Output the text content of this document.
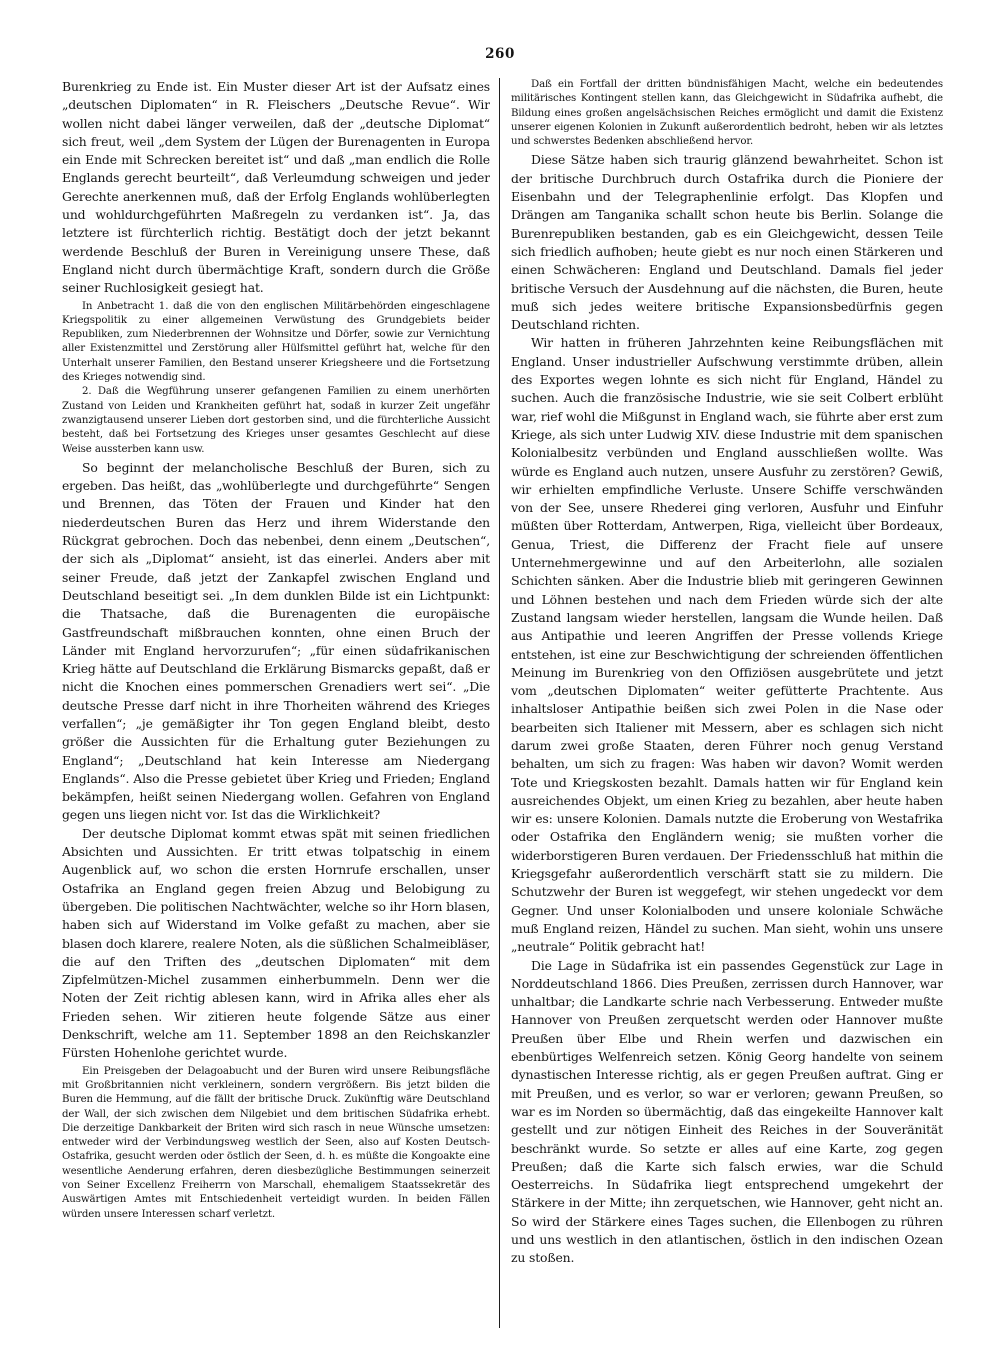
260

Burenkrieg zu Ende ist. Ein Muster dieser Art ist der Aufsatz eines „deutschen Diplomaten“ in R. Fleischers „Deutsche Revue“. Wir wollen nicht dabei länger verweilen, daß der „deutsche Diplomat“ sich freut, weil „dem System der Lügen der Burenagenten in Europa ein Ende mit Schrecken bereitet ist“ und daß „man endlich die Rolle Englands gerecht beurteilt“, daß Verleumdung schweigen und jeder Gerechte anerkennen muß, daß der Erfolg Englands wohlüberlegten und wohldurchgeführten Maßregeln zu verdanken ist“. Ja, das letztere ist fürchterlich richtig. Bestätigt doch der jetzt bekannt werdende Beschluß der Buren in Vereinigung unsere These, daß England nicht durch übermächtige Kraft, sondern durch die Größe seiner Ruchlosigkeit gesiegt hat.

In Anbetracht 1. daß die von den englischen Militärbehörden eingeschlagene Kriegspolitik zu einer allgemeinen Verwüstung des Grundgebiets beider Republiken, zum Niederbrennen der Wohnsitze und Dörfer, sowie zur Vernichtung aller Existenzmittel und Zerstörung aller Hülfsmittel geführt hat, welche für den Unterhalt unserer Familien, den Bestand unserer Kriegsheere und die Fortsetzung des Krieges notwendig sind.

2. Daß die Wegführung unserer gefangenen Familien zu einem unerhörten Zustand von Leiden und Krankheiten geführt hat, sodaß in kurzer Zeit ungefähr zwanzigtausend unserer Lieben dort gestorben sind, und die fürchterliche Aussicht besteht, daß bei Fortsetzung des Krieges unser gesamtes Geschlecht auf diese Weise aussterben kann usw.

So beginnt der melancholische Beschluß der Buren, sich zu ergeben. Das heißt, das „wohlüberlegte und durchgeführte“ Sengen und Brennen, das Töten der Frauen und Kinder hat den niederdeutschen Buren das Herz und ihrem Widerstande den Rückgrat gebrochen. Doch das nebenbei, denn einem „Deutschen“, der sich als „Diplomat“ ansieht, ist das einerlei. Anders aber mit seiner Freude, daß jetzt der Zankapfel zwischen England und Deutschland beseitigt sei. „In dem dunklen Bilde ist ein Lichtpunkt: die Thatsache, daß die Burenagenten die europäische Gastfreundschaft mißbrauchen konnten, ohne einen Bruch der Länder mit England hervorzurufen“; „für einen südafrikanischen Krieg hätte auf Deutschland die Erklärung Bismarcks gepaßt, daß er nicht die Knochen eines pommerschen Grenadiers wert sei“. „Die deutsche Presse darf nicht in ihre Thorheiten während des Krieges verfallen“; „je gemäßigter ihr Ton gegen England bleibt, desto größer die Aussichten für die Erhaltung guter Beziehungen zu England“; „Deutschland hat kein Interesse am Niedergang Englands“. Also die Presse gebietet über Krieg und Frieden; England bekämpfen, heißt seinen Niedergang wollen. Gefahren von England gegen uns liegen nicht vor. Ist das die Wirklichkeit?

Der deutsche Diplomat kommt etwas spät mit seinen friedlichen Absichten und Aussichten. Er tritt etwas tolpatschig in einem Augenblick auf, wo schon die ersten Hornrufe erschallen, unser Ostafrika an England gegen freien Abzug und Belobigung zu übergeben. Die politischen Nachtwächter, welche so ihr Horn blasen, haben sich auf Widerstand im Volke gefaßt zu machen, aber sie blasen doch klarere, realere Noten, als die süßlichen Schalmeibläser, die auf den Triften des „deutschen Diplomaten“ mit dem Zipfelmützen-Michel zusammen einherbummeln. Denn wer die Noten der Zeit richtig ablesen kann, wird in Afrika alles eher als Frieden sehen. Wir zitieren heute folgende Sätze aus einer Denkschrift, welche am 11. September 1898 an den Reichskanzler Fürsten Hohenlohe gerichtet wurde.

Ein Preisgeben der Delagoabucht und der Buren wird unsere Reibungsfläche mit Großbritannien nicht verkleinern, sondern vergrößern. Bis jetzt bilden die Buren die Hemmung, auf die fällt der britische Druck. Zukünftig wäre Deutschland der Wall, der sich zwischen dem Nilgebiet und dem britischen Südafrika erhebt. Die derzeitige Dankbarkeit der Briten wird sich rasch in neue Wünsche umsetzen: entweder wird der Verbindungsweg westlich der Seen, also auf Kosten Deutsch-Ostafrika, gesucht werden oder östlich der Seen, d. h. es müßte die Kongoakte eine wesentliche Aenderung erfahren, deren diesbezügliche Bestimmungen seinerzeit von Seiner Excellenz Freiherrn von Marschall, ehemaligem Staatssekretär des Auswärtigen Amtes mit Entschiedenheit verteidigt wurden. In beiden Fällen würden unsere Interessen scharf verletzt.

Daß ein Fortfall der dritten bündnisfähigen Macht, welche ein bedeutendes militärisches Kontingent stellen kann, das Gleichgewicht in Südafrika aufhebt, die Bildung eines großen angelsächsischen Reiches ermöglicht und damit die Existenz unserer eigenen Kolonien in Zukunft außerordentlich bedroht, heben wir als letztes und schwerstes Bedenken abschließend hervor.

Diese Sätze haben sich traurig glänzend bewahrheitet. Schon ist der britische Durchbruch durch Ostafrika durch die Pioniere der Eisenbahn und der Telegraphenlinie erfolgt. Das Klopfen und Drängen am Tanganika schallt schon heute bis Berlin. Solange die Burenrepubliken bestanden, gab es ein Gleichgewicht, dessen Teile sich friedlich aufhoben; heute giebt es nur noch einen Stärkeren und einen Schwächeren: England und Deutschland. Damals fiel jeder britische Versuch der Ausdehnung auf die nächsten, die Buren, heute muß sich jedes weitere britische Expansionsbedürfnis gegen Deutschland richten.

Wir hatten in früheren Jahrzehnten keine Reibungsflächen mit England. Unser industrieller Aufschwung verstimmte drüben, allein des Exportes wegen lohnte es sich nicht für England, Händel zu suchen. Auch die französische Industrie, wie sie seit Colbert erblüht war, rief wohl die Mißgunst in England wach, sie führte aber erst zum Kriege, als sich unter Ludwig XIV. diese Industrie mit dem spanischen Kolonialbesitz verbünden und England ausschließen wollte. Was würde es England auch nutzen, unsere Ausfuhr zu zerstören? Gewiß, wir erhielten empfindliche Verluste. Unsere Schiffe verschwänden von der See, unsere Rhederei ging verloren, Ausfuhr und Einfuhr müßten über Rotterdam, Antwerpen, Riga, vielleicht über Bordeaux, Genua, Triest, die Differenz der Fracht fiele auf unsere Unternehmergewinne und auf den Arbeiterlohn, alle sozialen Schichten sänken. Aber die Industrie blieb mit geringeren Gewinnen und Löhnen bestehen und nach dem Frieden würde sich der alte Zustand langsam wieder herstellen, langsam die Wunde heilen. Daß aus Antipathie und leeren Angriffen der Presse vollends Kriege entstehen, ist eine zur Beschwichtigung der schreienden öffentlichen Meinung im Burenkrieg von den Offiziösen ausgebrütete und jetzt vom „deutschen Diplomaten“ weiter gefütterte Prachtente. Aus inhaltsloser Antipathie beißen sich zwei Polen in die Nase oder bearbeiten sich Italiener mit Messern, aber es schlagen sich nicht darum zwei große Staaten, deren Führer noch genug Verstand behalten, um sich zu fragen: Was haben wir davon? Womit werden Tote und Kriegskosten bezahlt. Damals hatten wir für England kein ausreichendes Objekt, um einen Krieg zu bezahlen, aber heute haben wir es: unsere Kolonien. Damals nutzte die Eroberung von Westafrika oder Ostafrika den Engländern wenig; sie mußten vorher die widerborstigeren Buren verdauen. Der Friedensschluß hat mithin die Kriegsgefahr außerordentlich verschärft statt sie zu mildern. Die Schutzwehr der Buren ist weggefegt, wir stehen ungedeckt vor dem Gegner. Und unser Kolonialboden und unsere koloniale Schwäche muß England reizen, Händel zu suchen. Man sieht, wohin uns unsere „neutrale“ Politik gebracht hat!

Die Lage in Südafrika ist ein passendes Gegenstück zur Lage in Norddeutschland 1866. Dies Preußen, zerrissen durch Hannover, war unhaltbar; die Landkarte schrie nach Verbesserung. Entweder mußte Hannover von Preußen zerquetscht werden oder Hannover mußte Preußen über Elbe und Rhein werfen und dazwischen ein ebenbürtiges Welfenreich setzen. König Georg handelte von seinem dynastischen Interesse richtig, als er gegen Preußen auftrat. Ging er mit Preußen, und es verlor, so war er verloren; gewann Preußen, so war es im Norden so übermächtig, daß das eingekeilte Hannover kalt gestellt und zur nötigen Einheit des Reiches in der Souveränität beschränkt wurde. So setzte er alles auf eine Karte, zog gegen Preußen; daß die Karte sich falsch erwies, war die Schuld Oesterreichs. In Südafrika liegt entsprechend umgekehrt der Stärkere in der Mitte; ihn zerquetschen, wie Hannover, geht nicht an. So wird der Stärkere eines Tages suchen, die Ellenbogen zu rühren und uns westlich in den atlantischen, östlich in den indischen Ozean zu stoßen.
